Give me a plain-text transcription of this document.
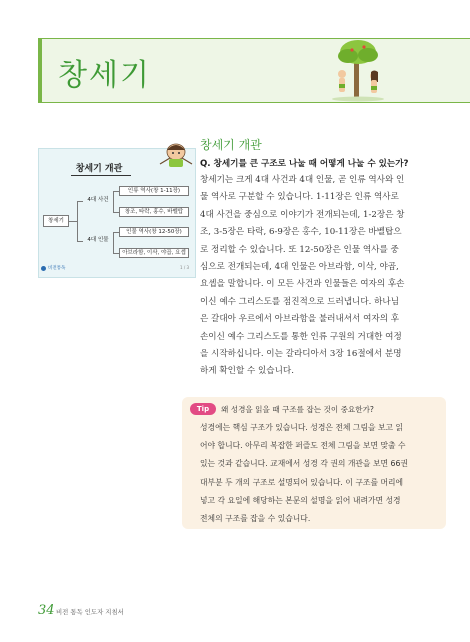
창세기
창세기 개관
창세기
4대 사건
4대 인물
인류 역사(창 1-11장)
창조, 타락, 홍수, 바벨탑
인물 역사(창 12-50장)
아브라함, 이삭, 야곱, 요셉
비전통독	1 / 3
창세기 개관
Q. 창세기를 큰 구조로 나눌 때 어떻게 나눌 수 있는가?
창세기는 크게 4대 사건과 4대 인물, 곧 인류 역사와 인
물 역사로 구분할 수 있습니다. 1-11장은 인류 역사로
4대 사건을 중심으로 이야기가 전개되는데, 1-2장은 창
조, 3-5장은 타락, 6-9장은 홍수, 10-11장은 바벨탑으
로 정리할 수 있습니다. 또 12-50장은 인물 역사를 중
심으로 전개되는데, 4대 인물은 아브라함, 이삭, 야곱,
요셉을 말합니다. 이 모든 사건과 인물들은 여자의 후손
이신 예수 그리스도를 점진적으로 드러냅니다. 하나님
은 갈대아 우르에서 아브라함을 불러내셔서 여자의 후
손이신 예수 그리스도를 통한 인류 구원의 거대한 여정
을 시작하십니다. 이는 갈라디아서 3장 16절에서 분명
하게 확인할 수 있습니다.
Tip	왜 성경을 읽을 때 구조를 잡는 것이 중요한가?
성경에는 핵심 구조가 있습니다. 성경은 전체 그림을 보고 읽
어야 합니다. 아무리 복잡한 퍼즐도 전체 그림을 보면 맞출 수
있는 것과 같습니다. 교재에서 성경 각 권의 개관을 보면 66권
대부분 두 개의 구조로 설명되어 있습니다. 이 구조를 머리에
넣고 각 요일에 해당하는 본문의 설명을 읽어 내려가면 성경
전체의 구조를 잡을 수 있습니다.
34 비전 통독 인도자 지침서
